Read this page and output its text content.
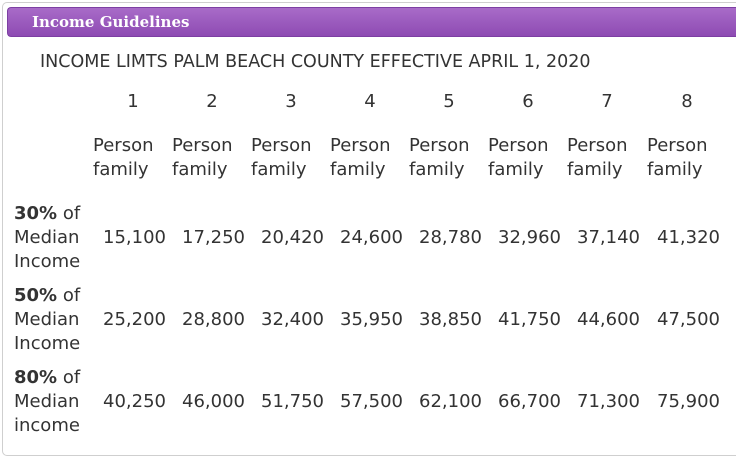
Income Guidelines
INCOME LIMTS PALM BEACH COUNTY EFFECTIVE APRIL 1, 2020
1
Person
family
2
Person
family
3
Person
family
4
Person
family
5
Person
family
6
Person
family
7
Person
family
8
Person
family
30% of
Median
Income
15,100 17,250 20,420 24,600 28,780 32,960 37,140 41,320
50% of
Median
Income
25,200 28,800 32,400 35,950 38,850 41,750 44,600 47,500
80% of
Median
income
40,250 46,000 51,750 57,500 62,100 66,700 71,300 75,900
